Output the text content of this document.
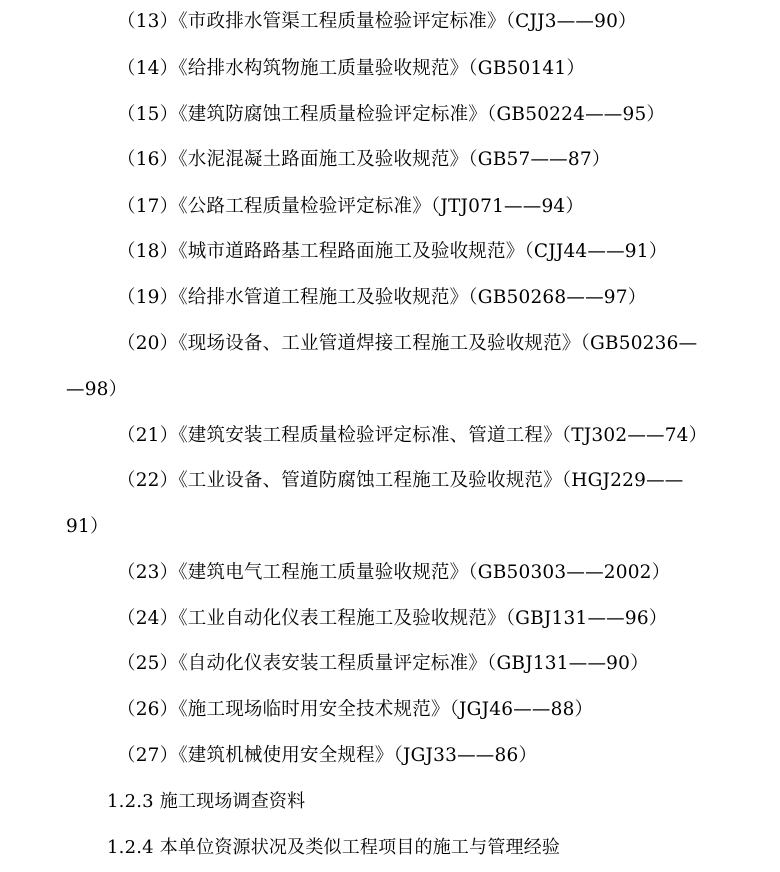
（13）《市政排水管渠工程质量检验评定标准》（CJJ3——90）
（14）《给排水构筑物施工质量验收规范》（GB50141）
（15）《建筑防腐蚀工程质量检验评定标准》（GB50224——95）
（16）《水泥混凝土路面施工及验收规范》（GB57——87）
（17）《公路工程质量检验评定标准》（JTJ071——94）
（18）《城市道路路基工程路面施工及验收规范》（CJJ44——91）
（19）《给排水管道工程施工及验收规范》（GB50268——97）
（20）《现场设备、工业管道焊接工程施工及验收规范》（GB50236—
—98）
（21）《建筑安装工程质量检验评定标准、管道工程》（TJ302——74）
（22）《工业设备、管道防腐蚀工程施工及验收规范》（HGJ229——
91）
（23）《建筑电气工程施工质量验收规范》（GB50303——2002）
（24）《工业自动化仪表工程施工及验收规范》（GBJ131——96）
（25）《自动化仪表安装工程质量评定标准》（GBJ131——90）
（26）《施工现场临时用安全技术规范》（JGJ46——88）
（27）《建筑机械使用安全规程》（JGJ33——86）
1.2.3 施工现场调查资料
1.2.4 本单位资源状况及类似工程项目的施工与管理经验
